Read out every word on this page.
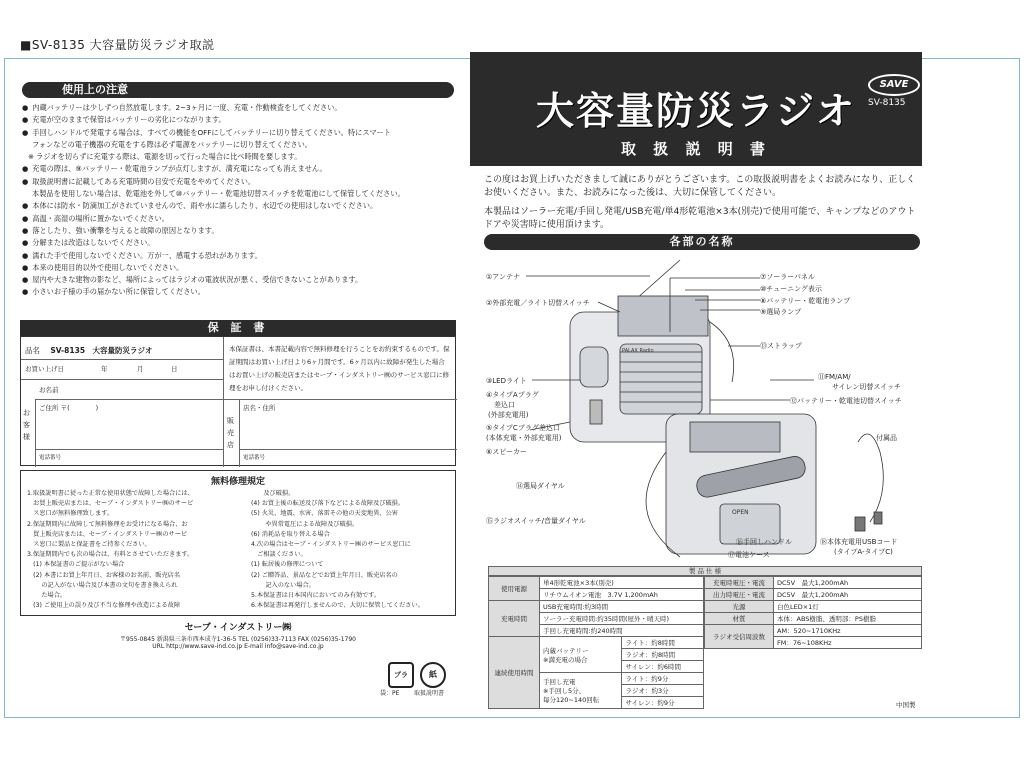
■SV-8135 大容量防災ラジオ取説
使用上の注意
● 内蔵バッテリーは少しずつ自然放電します。2~3ヶ月に一度、充電・作動検査をしてください。
● 充電が空のままで保管はバッテリーの劣化につながります。
● 手回しハンドルで発電する場合は、すべての機能をOFFにしてバッテリーに切り替えてください。特にスマート
フォンなどの電子機器の充電をする際は必ず電源をバッテリーに切り替えてください。
※ ラジオを切らずに充電する際は、電源を切って行った場合に比べ時間を要します。
● 充電の際は、⑨バッテリー・乾電池ランプが点灯しますが、満充電になっても消えません。
● 取扱説明書に記載してある充電時間の目安で充電をやめてください。
本製品を使用しない場合は、乾電池を外して⑩バッテリー・乾電池切替スイッチを乾電池にして保管してください。
● 本体には防水・防滴加工がされていませんので、雨や水に濡らしたり、水辺での使用はしないでください。
● 高温・高湿の場所に置かないでください。
● 落としたり、強い衝撃を与えると故障の原因となります。
● 分解または改造はしないでください。
● 濡れた手で使用しないでください。万が一、感電する恐れがあります。
● 本来の使用目的以外で使用しないでください。
● 屋内や大きな建物の影など、場所によってはラジオの電波状況が悪く、受信できないことがあります。
● 小さいお子様の手の届かない所に保管してください。
保 証 書
品名 SV-8135　大容量防災ラジオ
お買い上げ日	年	月	日
お名前
お 客 様
ご住所 〒(　　　　)
電話番号
本保証書は、本書記載内容で無料修理を行うことをお約束するものです。保証期間はお買い上げ日より6ヶ月間です。6ヶ月以内に故障が発生した場合はお買い上げの販売店またはセーブ・インダストリー㈱のサービス窓口に修理をお申し付けください。
販 売 店
店名・住所
電話番号
無料修理規定
1.取扱説明書に従った正常な使用状態で故障した場合には、
　お買上販売店または、セーブ・インダストリー㈱のサービ
　ス窓口が無料修理致します。
2.保証期間内に故障して無料修理をお受けになる場合、お
　買上販売店または、セーブ・インダストリー㈱のサービ
　ス窓口に製品と保証書をご持参ください。
3.保証期間内でも次の場合は、有料とさせていただきます。
　(1) 本保証書のご提示がない場合
　(2) 本書にお買上年月日、お客様のお名前、販売店名
　　 の記入がない場合及び本書の文句を書き換えられ
　　 た場合。
　(3) ご使用上の誤り及び不当な修理や改造による故障
　　及び破損。
(4) お買上後の転送及び落下などによる故障及び破損。
(5) 火災、地震、水害、落雷その他の天変地異、公害
　　 や異常電圧による故障及び破損。
(6) 消耗品を取り替える場合
4.次の場合はセーブ・インダストリー㈱のサービス窓口に
　ご相談ください。
(1) 転居後の修理について
(2) ご贈答品、景品などでお買上年月日、販売店名の
　　 記入のない場合。
5.本保証書は日本国内においてのみ有効です。
6.本保証書は再発行しませんので、大切に保管してください。
セーブ・インダストリー㈱
〒955-0845 新潟県三条市西本成寺1-36-5 TEL (0256)33-7113 FAX (0256)35-1790
URL http://www.save-ind.co.jp E-mail info@save-ind.co.jp
プラ	紙
袋：PE 取扱説明書
大容量防災ラジオ
取 扱 説 明 書
SAVE
SV-8135
この度はお買上げいただきまして誠にありがとうございます。この取扱説明書をよくお読みになり、正しくお使いください。また、お読みになった後は、大切に保管してください。
本製品はソーラー充電/手回し発電/USB充電/単4形乾電池×3本(別売)で使用可能で、キャンプなどのアウトドアや災害時に使用頂けます。
各部の名称
PALAX Radio
OPEN
①アンテナ
②外部充電／ライト切替スイッチ
③LEDライト
④タイプAプラグ
差込口
(外部充電用)
⑤タイプCプラグ差込口
(本体充電・外部充電用)
⑥スピーカー
⑦ソーラーパネル
⑩チューニング表示
⑧バッテリー・乾電池ランプ
⑨選局ランプ
⑬ストラップ
⑪FM/AM/
サイレン切替スイッチ
⑫バッテリー・乾電池切替スイッチ
付属品
⑭選局ダイヤル
⑮ラジオスイッチ/音量ダイヤル
⑯手回しハンドル
⑰電池ケース
⑱本体充電用USBコード
(タイプA-タイプC)
製 品 仕 様
使用電源	単4形乾電池×3本(別売)	
	リチウムイオン電池　3.7V 1,200mAh	
充電時間	USB充電時間:約3時間	
	ソーラー充電時間:約35時間(屋外・晴天時)	
	手回し充電時間:約240時間	
連続使用時間	内蔵バッテリー
※満充電の場合	ライト：約8時間
		ラジオ：約8時間
		サイレン：約6時間
	手回し充電
※手回し5分、
毎分120~140回転	ライト：約9分
		ラジオ：約3分
		サイレン：約9分
充電時電圧・電流	DC5V　最大1,200mAh
出力時電圧・電流	DC5V　最大1,200mAh
光源	白色LED×1灯
材質	本体：ABS樹脂、透明部：PS樹脂
ラジオ受信周波数	AM：520~1710KHz
	FM：76~108KHz
中国製
